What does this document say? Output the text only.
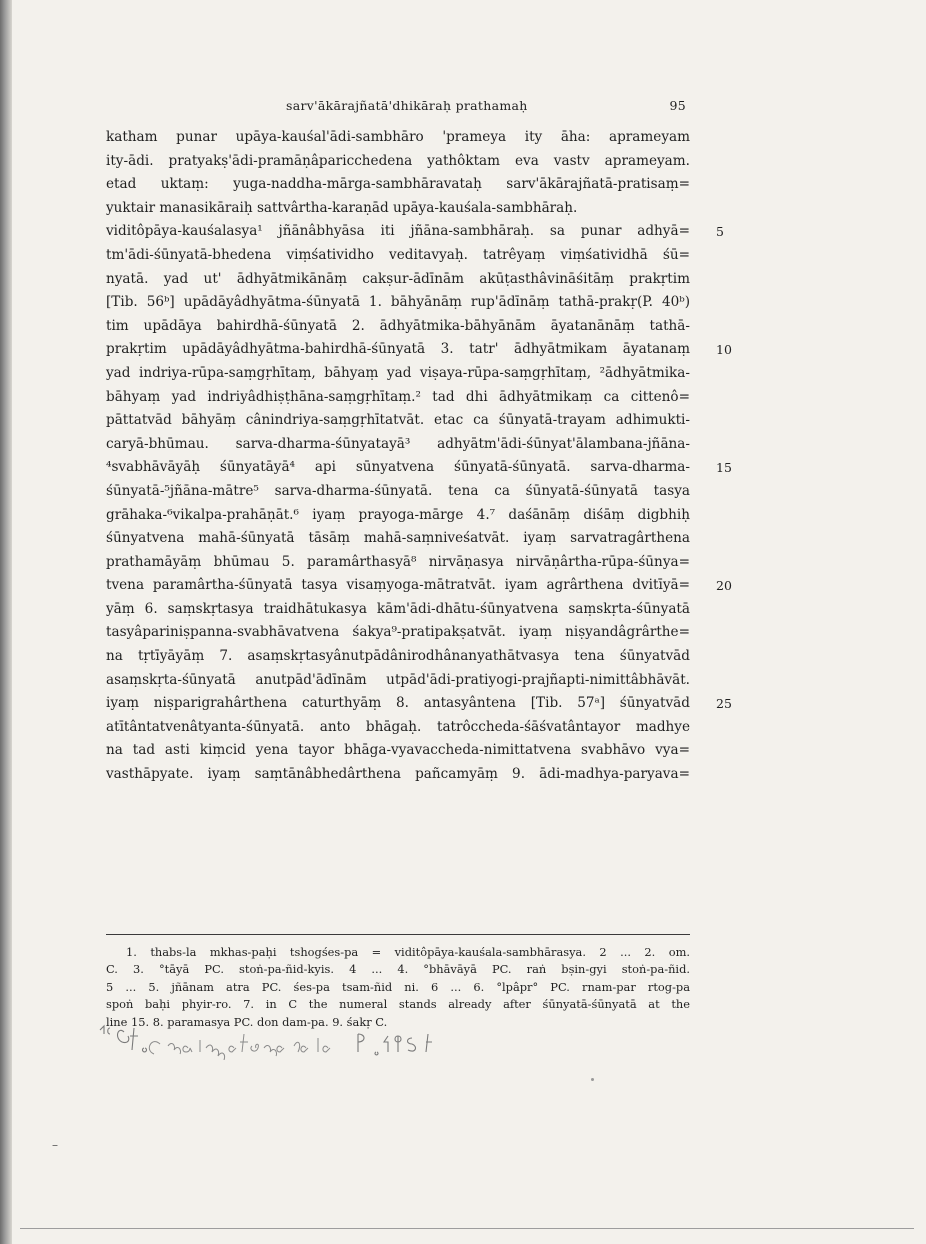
sarv'ākārajñatā'dhikāraḥ prathamaḥ	95
katham punar upāya-kauśal'ādi-sambhāro 'prameya ity āha: aprameyam
ity-ādi. pratyakṣ'ādi-pramāṇâparicchedena yathôktam eva vastv aprameyam.
etad uktaṃ: yuga-naddha-mārga-sambhāravataḥ sarv'ākārajñatā-pratisaṃ=
yuktair manasikāraiḥ sattvârtha-karaṇād upāya-kauśala-sambhāraḥ.
viditôpāya-kauśalasya¹ jñānâbhyāsa iti jñāna-sambhāraḥ. sa punar adhyā= 5
tm'ādi-śūnyatā-bhedena viṃśatividho veditavyaḥ. tatrêyaṃ viṃśatividhā śū=
nyatā. yad ut' ādhyātmikānāṃ cakṣur-ādīnām akūṭasthâvināśitāṃ prakṛtim
[Tib. 56ᵇ] upādāyâdhyātma-śūnyatā 1. bāhyānāṃ rup'ādīnāṃ tathā-prakṛ(P. 40ᵇ)
tim upādāya bahirdhā-śūnyatā 2. ādhyātmika-bāhyānām āyatanānāṃ tathā-
prakṛtim upādāyâdhyātma-bahirdhā-śūnyatā 3. tatr' ādhyātmikam āyatanaṃ 10
yad indriya-rūpa-saṃgṛhītaṃ, bāhyaṃ yad viṣaya-rūpa-saṃgṛhītaṃ, ²ādhyātmika-
bāhyaṃ yad indriyâdhiṣṭhāna-saṃgṛhītaṃ.² tad dhi ādhyātmikaṃ ca cittenô=
pāttatvād bāhyāṃ cânindriya-saṃgṛhītatvāt. etac ca śūnyatā-trayam adhimukti-
caryā-bhūmau. sarva-dharma-śūnyatayā³ adhyātm'ādi-śūnyat'ālambana-jñāna-
⁴svabhāvāyāḥ śūnyatāyā⁴ api sūnyatvena śūnyatā-śūnyatā. sarva-dharma- 15
śūnyatā-⁵jñāna-mātre⁵ sarva-dharma-śūnyatā. tena ca śūnyatā-śūnyatā tasya
grāhaka-⁶vikalpa-prahāṇāt.⁶ iyaṃ prayoga-mārge 4.⁷ daśānāṃ diśāṃ digbhiḥ
śūnyatvena mahā-śūnyatā tāsāṃ mahā-saṃniveśatvāt. iyaṃ sarvatragârthena
prathamāyāṃ bhūmau 5. paramârthasyā⁸ nirvāṇasya nirvāṇârtha-rūpa-śūnya=
tvena paramârtha-śūnyatā tasya visaṃyoga-mātratvāt. iyam agrârthena dvitīyā= 20
yāṃ 6. saṃskṛtasya traidhātukasya kām'ādi-dhātu-śūnyatvena saṃskṛta-śūnyatā
tasyâpariniṣpanna-svabhāvatvena śakya⁹-pratipakṣatvāt. iyaṃ niṣyandâgrârthe=
na tṛtīyāyāṃ 7. asaṃskṛtasyânutpādânirodhânanyathātvasya tena śūnyatvād
asaṃskṛta-śūnyatā anutpād'ādīnām utpād'ādi-pratiyogi-prajñapti-nimittâbhāvāt.
iyaṃ niṣparigrahârthena caturthyāṃ 8. antasyântena [Tib. 57ᵃ] śūnyatvād 25
atītântatvenâtyanta-śūnyatā. anto bhāgaḥ. tatrôccheda-śāśvatântayor madhye
na tad asti kiṃcid yena tayor bhāga-vyavaccheda-nimittatvena svabhāvo vya=
vasthāpyate. iyaṃ saṃtānâbhedârthena pañcamyāṃ 9. ādi-madhya-paryava=
1. thabs-la mkhas-paḥi tshogśes-pa = viditôpāya-kauśala-sambhārasya. 2 ... 2. om.
C. 3. °tāyā PC. stoṅ-pa-ñid-kyis. 4 ... 4. °bhāvāyā PC. raṅ bṣin-gyi stoṅ-pa-ñid.
5 ... 5. jñānam atra PC. śes-pa tsam-ñid ni. 6 ... 6. °lpâpr° PC. rnam-par rtog-pa
spoṅ baḥi phyir-ro. 7. in C the numeral stands already after śūnyatā-śūnyatā at the
line 15. 8. paramasya PC. don dam-pa. 9. śakṛ C.
–
